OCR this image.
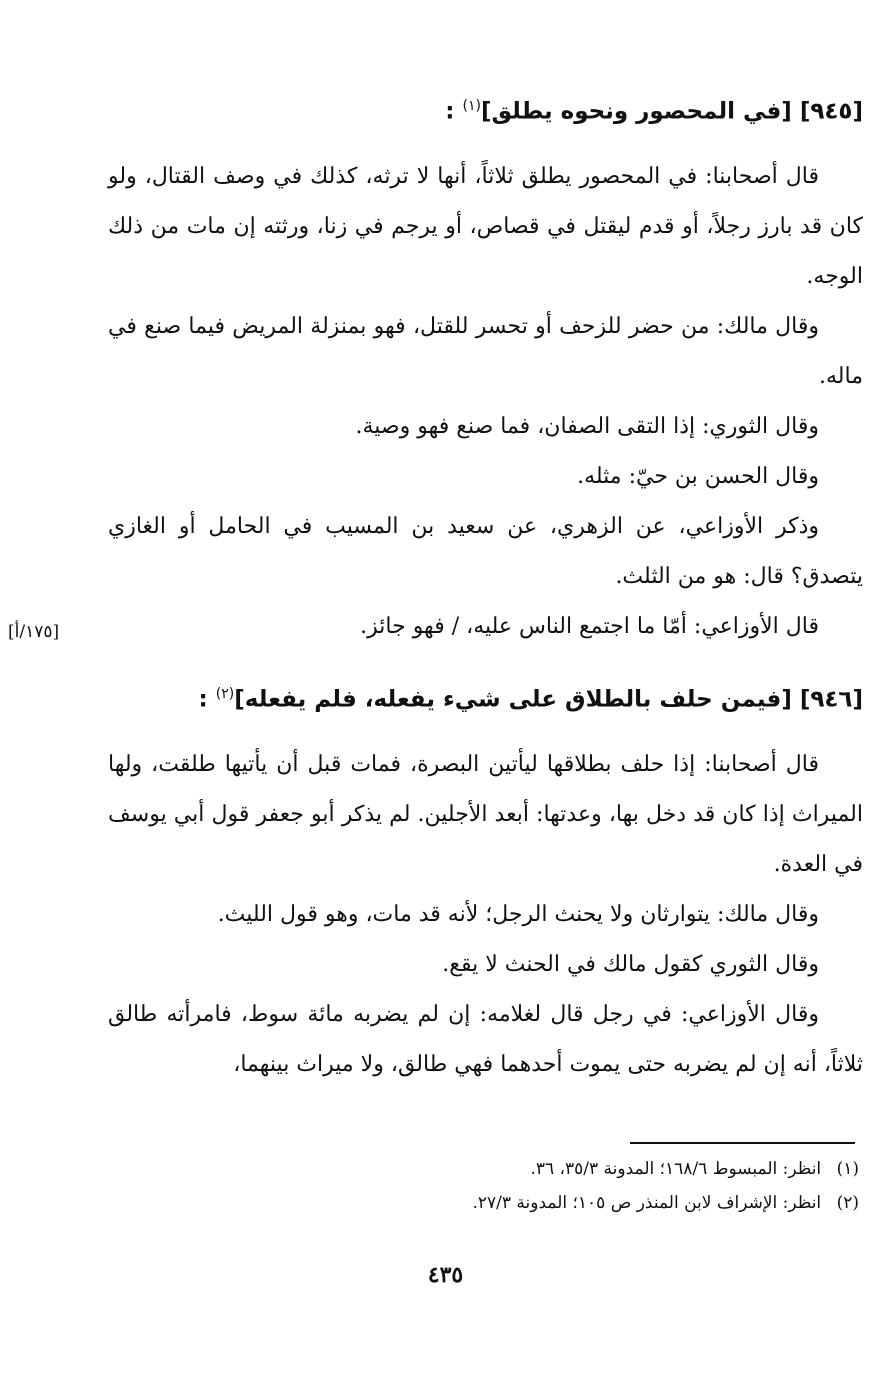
[٩٤٥] [في المحصور ونحوه يطلق]$^{(١)}$ :

قال أصحابنا: في المحصور يطلق ثلاثاً، أنها لا ترثه، كذلك في وصف القتال، ولو كان قد بارز رجلاً، أو قدم ليقتل في قصاص، أو يرجم في زنا، ورثته إن مات من ذلك الوجه.

وقال مالك: من حضر للزحف أو تحسر للقتل، فهو بمنزلة المريض فيما صنع في ماله.

وقال الثوري: إذا التقى الصفان، فما صنع فهو وصية.

وقال الحسن بن حيّ: مثله.

وذكر الأوزاعي، عن الزهري، عن سعيد بن المسيب في الحامل أو الغازي يتصدق؟ قال: هو من الثلث.

قال الأوزاعي: أمّا ما اجتمع الناس عليه، / فهو جائز.

[١٧٥/أ]
[٩٤٦] [فيمن حلف بالطلاق على شيء يفعله، فلم يفعله]$^{(٢)}$ :

قال أصحابنا: إذا حلف بطلاقها ليأتين البصرة، فمات قبل أن يأتيها طلقت، ولها الميراث إذا كان قد دخل بها، وعدتها: أبعد الأجلين. لم يذكر أبو جعفر قول أبي يوسف في العدة.

وقال مالك: يتوارثان ولا يحنث الرجل؛ لأنه قد مات، وهو قول الليث.

وقال الثوري كقول مالك في الحنث لا يقع.

وقال الأوزاعي: في رجل قال لغلامه: إن لم يضربه مائة سوط، فامرأته طالق ثلاثاً، أنه إن لم يضربه حتى يموت أحدهما فهي طالق، ولا ميراث بينهما،

(١) انظر: المبسوط ١٦٨/٦؛ المدونة ٣٥/٣، ٣٦.
(٢) انظر: الإشراف لابن المنذر ص ١٠٥؛ المدونة ٢٧/٣.
٤٣٥
